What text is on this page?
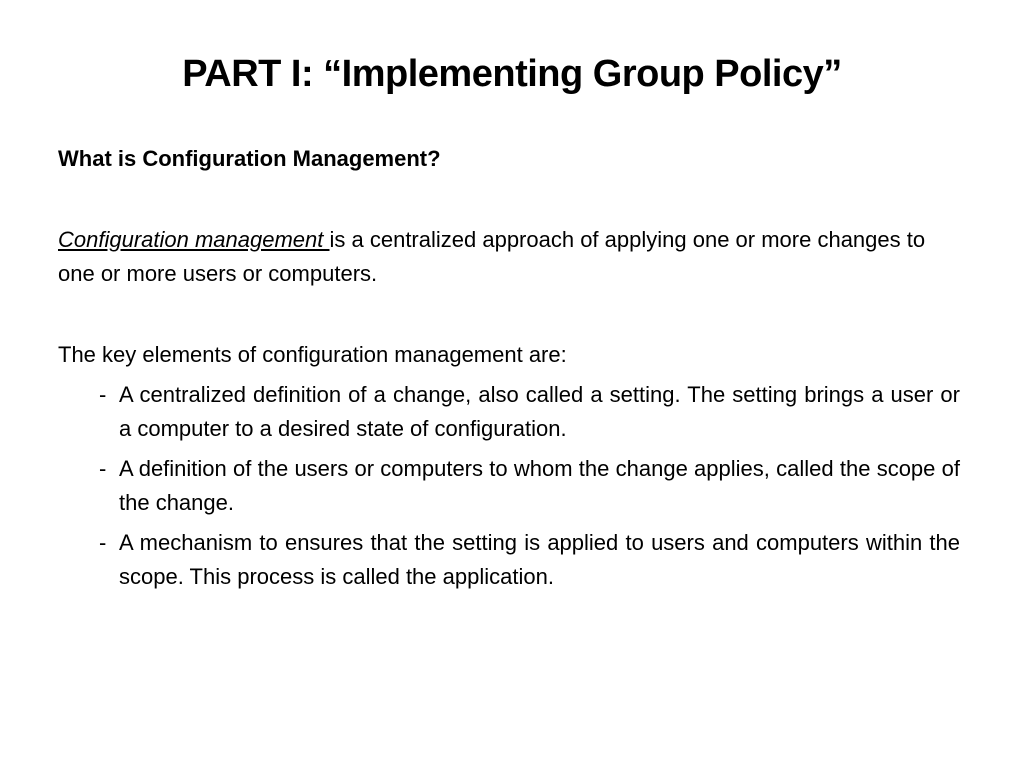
PART I: “Implementing Group Policy”

What is Configuration Management?

Configuration management is a centralized approach of applying one or more changes to one or more users or computers.

The key elements of configuration management are:

- A centralized definition of a change, also called a setting. The setting brings a user or a computer to a desired state of configuration.
- A definition of the users or computers to whom the change applies, called the scope of the change.
- A mechanism to ensures that the setting is applied to users and computers within the scope. This process is called the application.
